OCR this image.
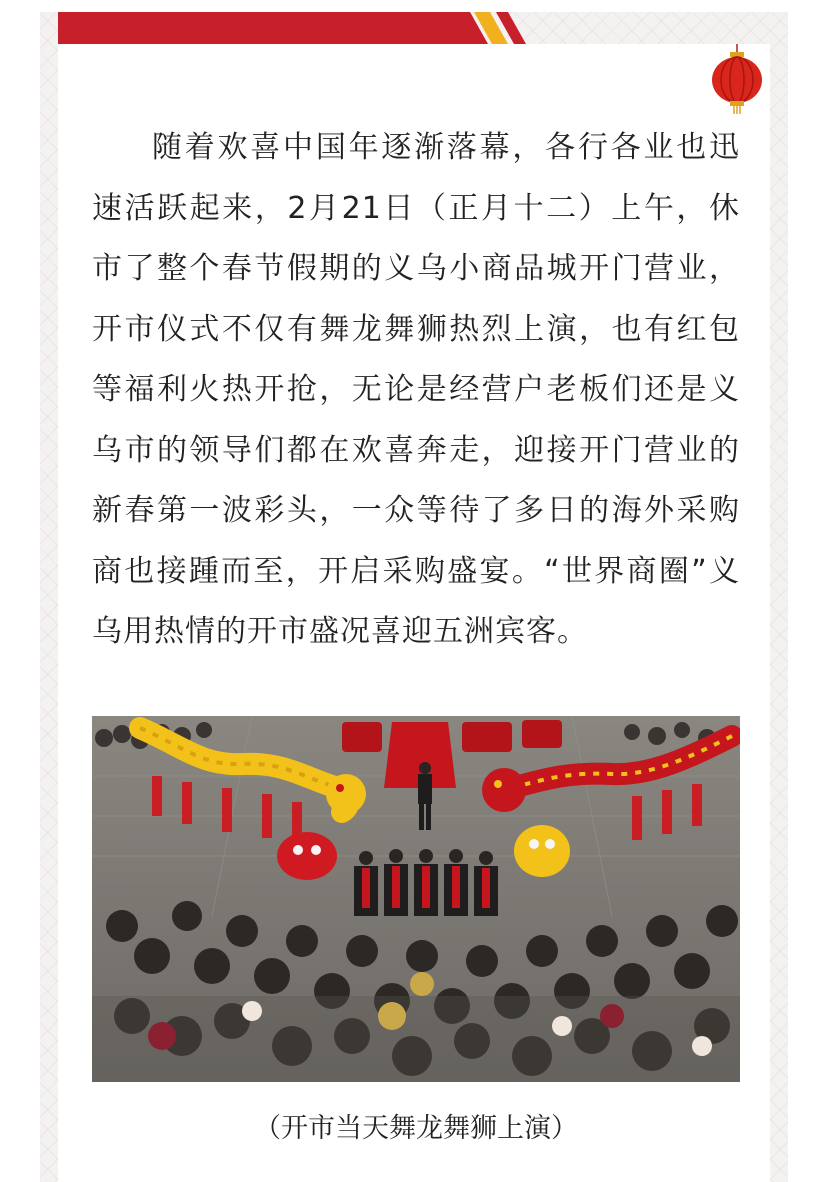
随着欢喜中国年逐渐落幕，各行各业也迅速活跃起来，2月21日（正月十二）上午，休市了整个春节假期的义乌小商品城开门营业，开市仪式不仅有舞龙舞狮热烈上演，也有红包等福利火热开抢，无论是经营户老板们还是义乌市的领导们都在欢喜奔走，迎接开门营业的新春第一波彩头，一众等待了多日的海外采购商也接踵而至，开启采购盛宴。“世界商圈”义乌用热情的开市盛况喜迎五洲宾客。

（开市当天舞龙舞狮上演）
